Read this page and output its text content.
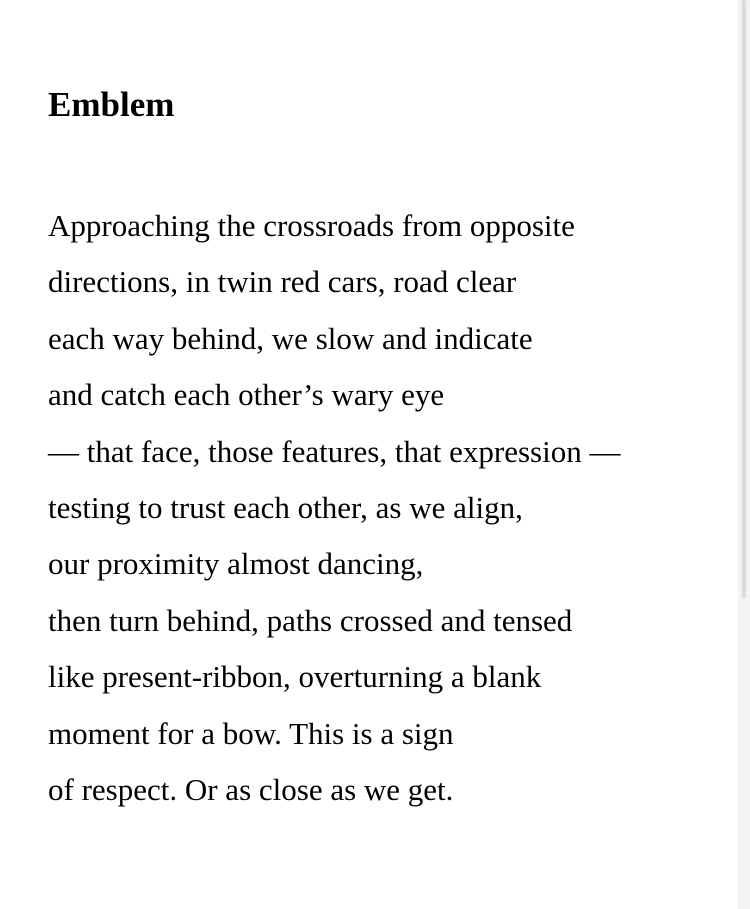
Emblem
Approaching the crossroads from opposite
directions, in twin red cars, road clear
each way behind, we slow and indicate
and catch each other’s wary eye
— that face, those features, that expression —
testing to trust each other, as we align,
our proximity almost dancing,
then turn behind, paths crossed and tensed
like present-ribbon, overturning a blank
moment for a bow. This is a sign
of respect. Or as close as we get.
